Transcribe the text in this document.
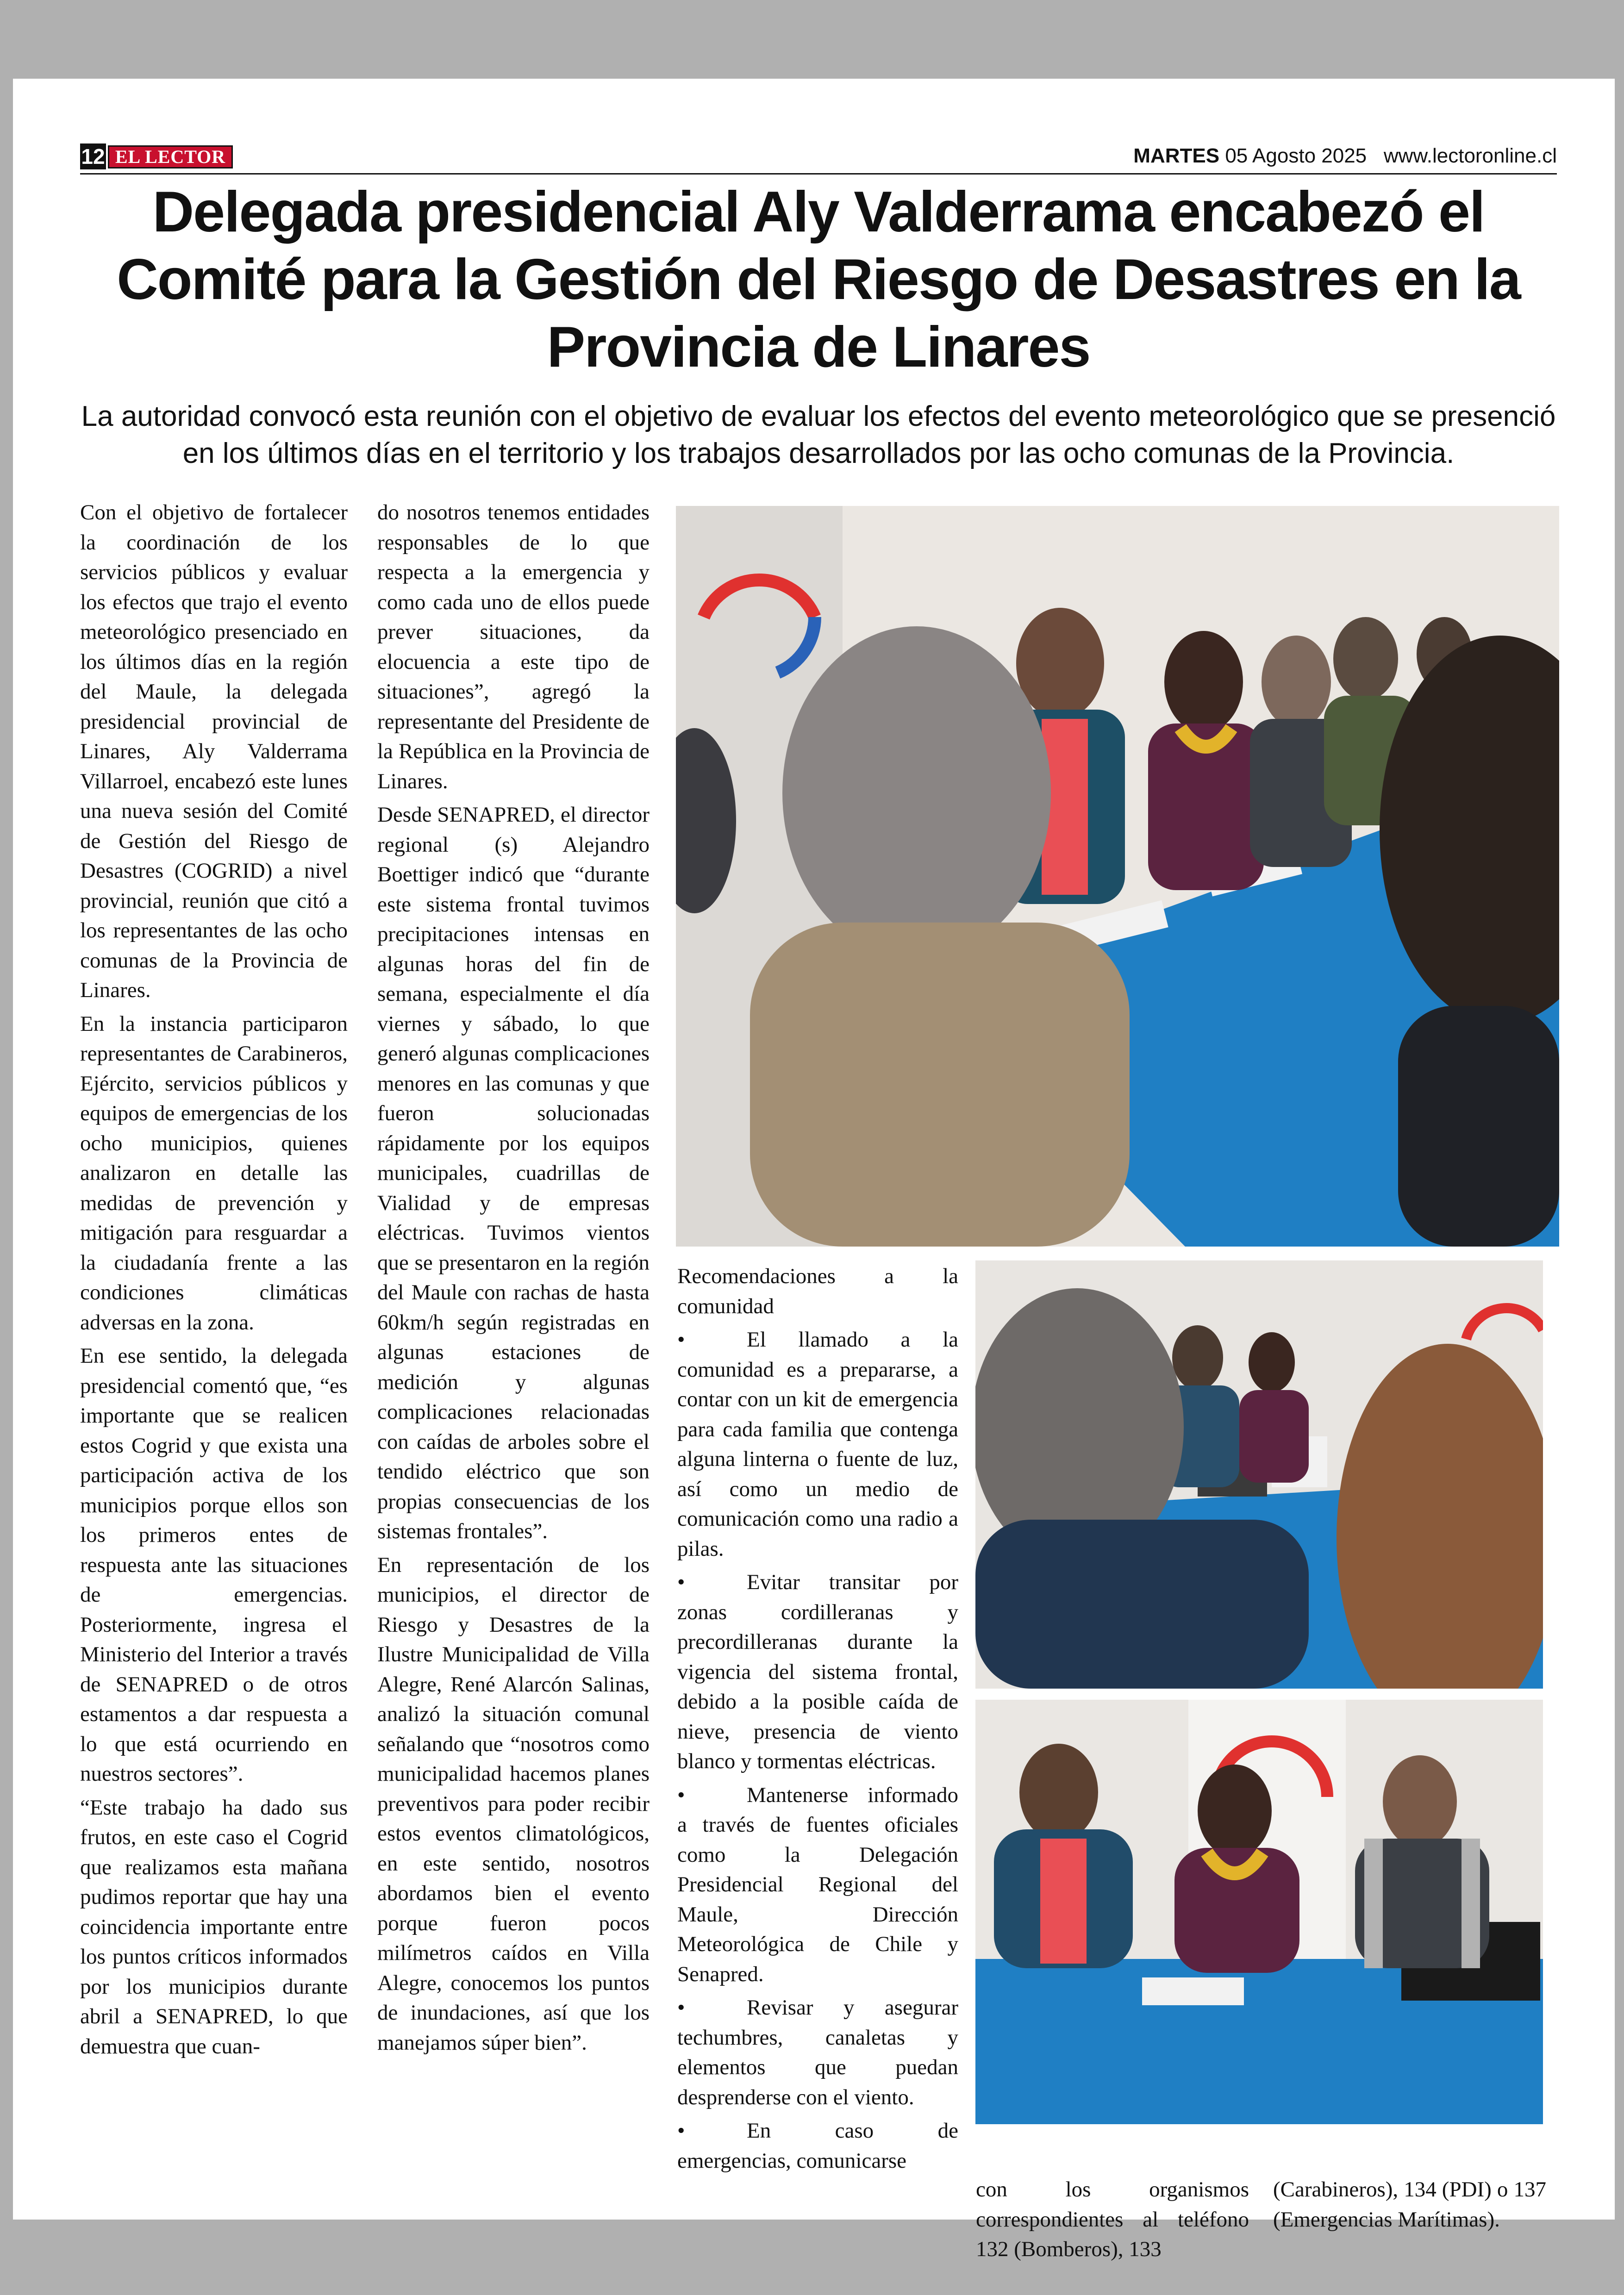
12 EL LECTOR	MARTES 05 Agosto 2025 www.lectoronline.cl
Delegada presidencial Aly Valderrama encabezó el Comité para la Gestión del Riesgo de Desastres en la Provincia de Linares
La autoridad convocó esta reunión con el objetivo de evaluar los efectos del evento meteorológico que se presenció en los últimos días en el territorio y los trabajos desarrollados por las ocho comunas de la Provincia.

Con el objetivo de fortalecer la coordinación de los servicios públicos y evaluar los efectos que trajo el evento meteorológico presenciado en los últimos días en la región del Maule, la delegada presidencial provincial de Linares, Aly Valderrama Villarroel, encabezó este lunes una nueva sesión del Comité de Gestión del Riesgo de Desastres (COGRID) a nivel provincial, reunión que citó a los representantes de las ocho comunas de la Provincia de Linares.

En la instancia participaron representantes de Carabineros, Ejército, servicios públicos y equipos de emergencias de los ocho municipios, quienes analizaron en detalle las medidas de prevención y mitigación para resguardar a la ciudadanía frente a las condiciones climáticas adversas en la zona.

En ese sentido, la delegada presidencial comentó que, “es importante que se realicen estos Cogrid y que exista una participación activa de los municipios porque ellos son los primeros entes de respuesta ante las situaciones de emergencias. Posteriormente, ingresa el Ministerio del Interior a través de SENAPRED o de otros estamentos a dar respuesta a lo que está ocurriendo en nuestros sectores”.

“Este trabajo ha dado sus frutos, en este caso el Cogrid que realizamos esta mañana pudimos reportar que hay una coincidencia importante entre los puntos críticos informados por los municipios durante abril a SENAPRED, lo que demuestra que cuan-

do nosotros tenemos entidades responsables de lo que respecta a la emergencia y como cada uno de ellos puede prever situaciones, da elocuencia a este tipo de situaciones”, agregó la representante del Presidente de la República en la Provincia de Linares.

Desde SENAPRED, el director regional (s) Alejandro Boettiger indicó que “durante este sistema frontal tuvimos precipitaciones intensas en algunas horas del fin de semana, especialmente el día viernes y sábado, lo que generó algunas complicaciones menores en las comunas y que fueron solucionadas rápidamente por los equipos municipales, cuadrillas de Vialidad y de empresas eléctricas. Tuvimos vientos que se presentaron en la región del Maule con rachas de hasta 60km/h según registradas en algunas estaciones de medición y algunas complicaciones relacionadas con caídas de arboles sobre el tendido eléctrico que son propias consecuencias de los sistemas frontales”.

En representación de los municipios, el director de Riesgo y Desastres de la Ilustre Municipalidad de Villa Alegre, René Alarcón Salinas, analizó la situación comunal señalando que “nosotros como municipalidad hacemos planes preventivos para poder recibir estos eventos climatológicos, en este sentido, nosotros abordamos bien el evento porque fueron pocos milímetros caídos en Villa Alegre, conocemos los puntos de inundaciones, así que los manejamos súper bien”.

Recomendaciones a la comunidad

•	El llamado a la comunidad es a prepararse, a contar con un kit de emergencia para cada familia que contenga alguna linterna o fuente de luz, así como un medio de comunicación como una radio a pilas.

•	Evitar transitar por zonas cordilleranas y precordilleranas durante la vigencia del sistema frontal, debido a la posible caída de nieve, presencia de viento blanco y tormentas eléctricas.

•	Mantenerse informado a través de fuentes oficiales como la Delegación Presidencial Regional del Maule, Dirección Meteorológica de Chile y Senapred.

•	Revisar y asegurar techumbres, canaletas y elementos que puedan desprenderse con el viento.

•	En caso de emergencias, comunicarse

con los organismos correspondientes al teléfono 132 (Bomberos), 133

(Carabineros), 134 (PDI) o 137 (Emergencias Marítimas).
